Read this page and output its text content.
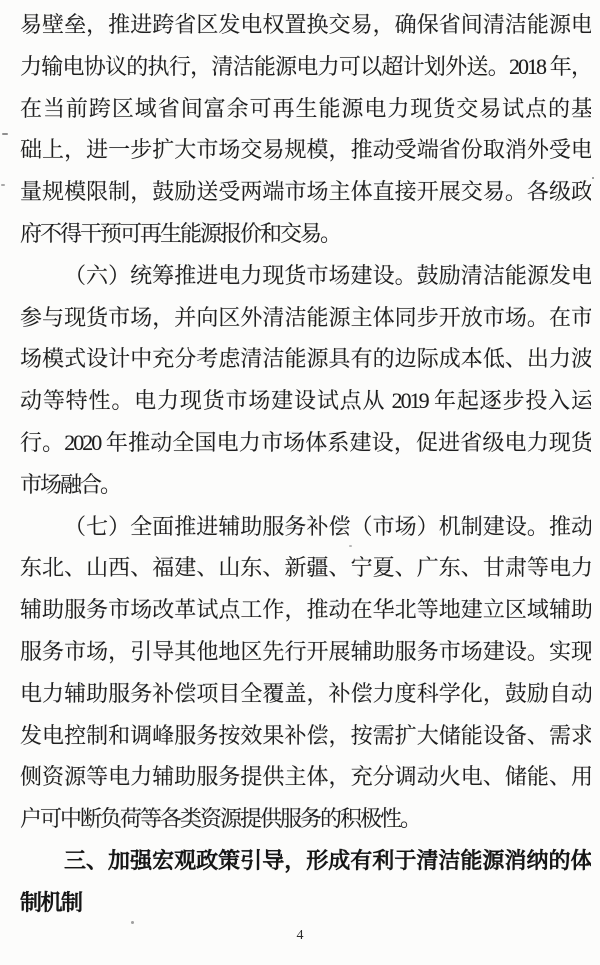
易壁垒，推进跨省区发电权置换交易，确保省间清洁能源电
力输电协议的执行，清洁能源电力可以超计划外送。2018 年，
在当前跨区域省间富余可再生能源电力现货交易试点的基
础上，进一步扩大市场交易规模，推动受端省份取消外受电
量规模限制，鼓励送受两端市场主体直接开展交易。各级政
府不得干预可再生能源报价和交易。
（六）统筹推进电力现货市场建设。鼓励清洁能源发电
参与现货市场，并向区外清洁能源主体同步开放市场。在市
场模式设计中充分考虑清洁能源具有的边际成本低、出力波
动等特性。电力现货市场建设试点从 2019 年起逐步投入运
行。2020 年推动全国电力市场体系建设，促进省级电力现货
市场融合。
（七）全面推进辅助服务补偿（市场）机制建设。推动
东北、山西、福建、山东、新疆、宁夏、广东、甘肃等电力
辅助服务市场改革试点工作，推动在华北等地建立区域辅助
服务市场，引导其他地区先行开展辅助服务市场建设。实现
电力辅助服务补偿项目全覆盖，补偿力度科学化，鼓励自动
发电控制和调峰服务按效果补偿，按需扩大储能设备、需求
侧资源等电力辅助服务提供主体，充分调动火电、储能、用
户可中断负荷等各类资源提供服务的积极性。
三、加强宏观政策引导，形成有利于清洁能源消纳的体
制机制
4
